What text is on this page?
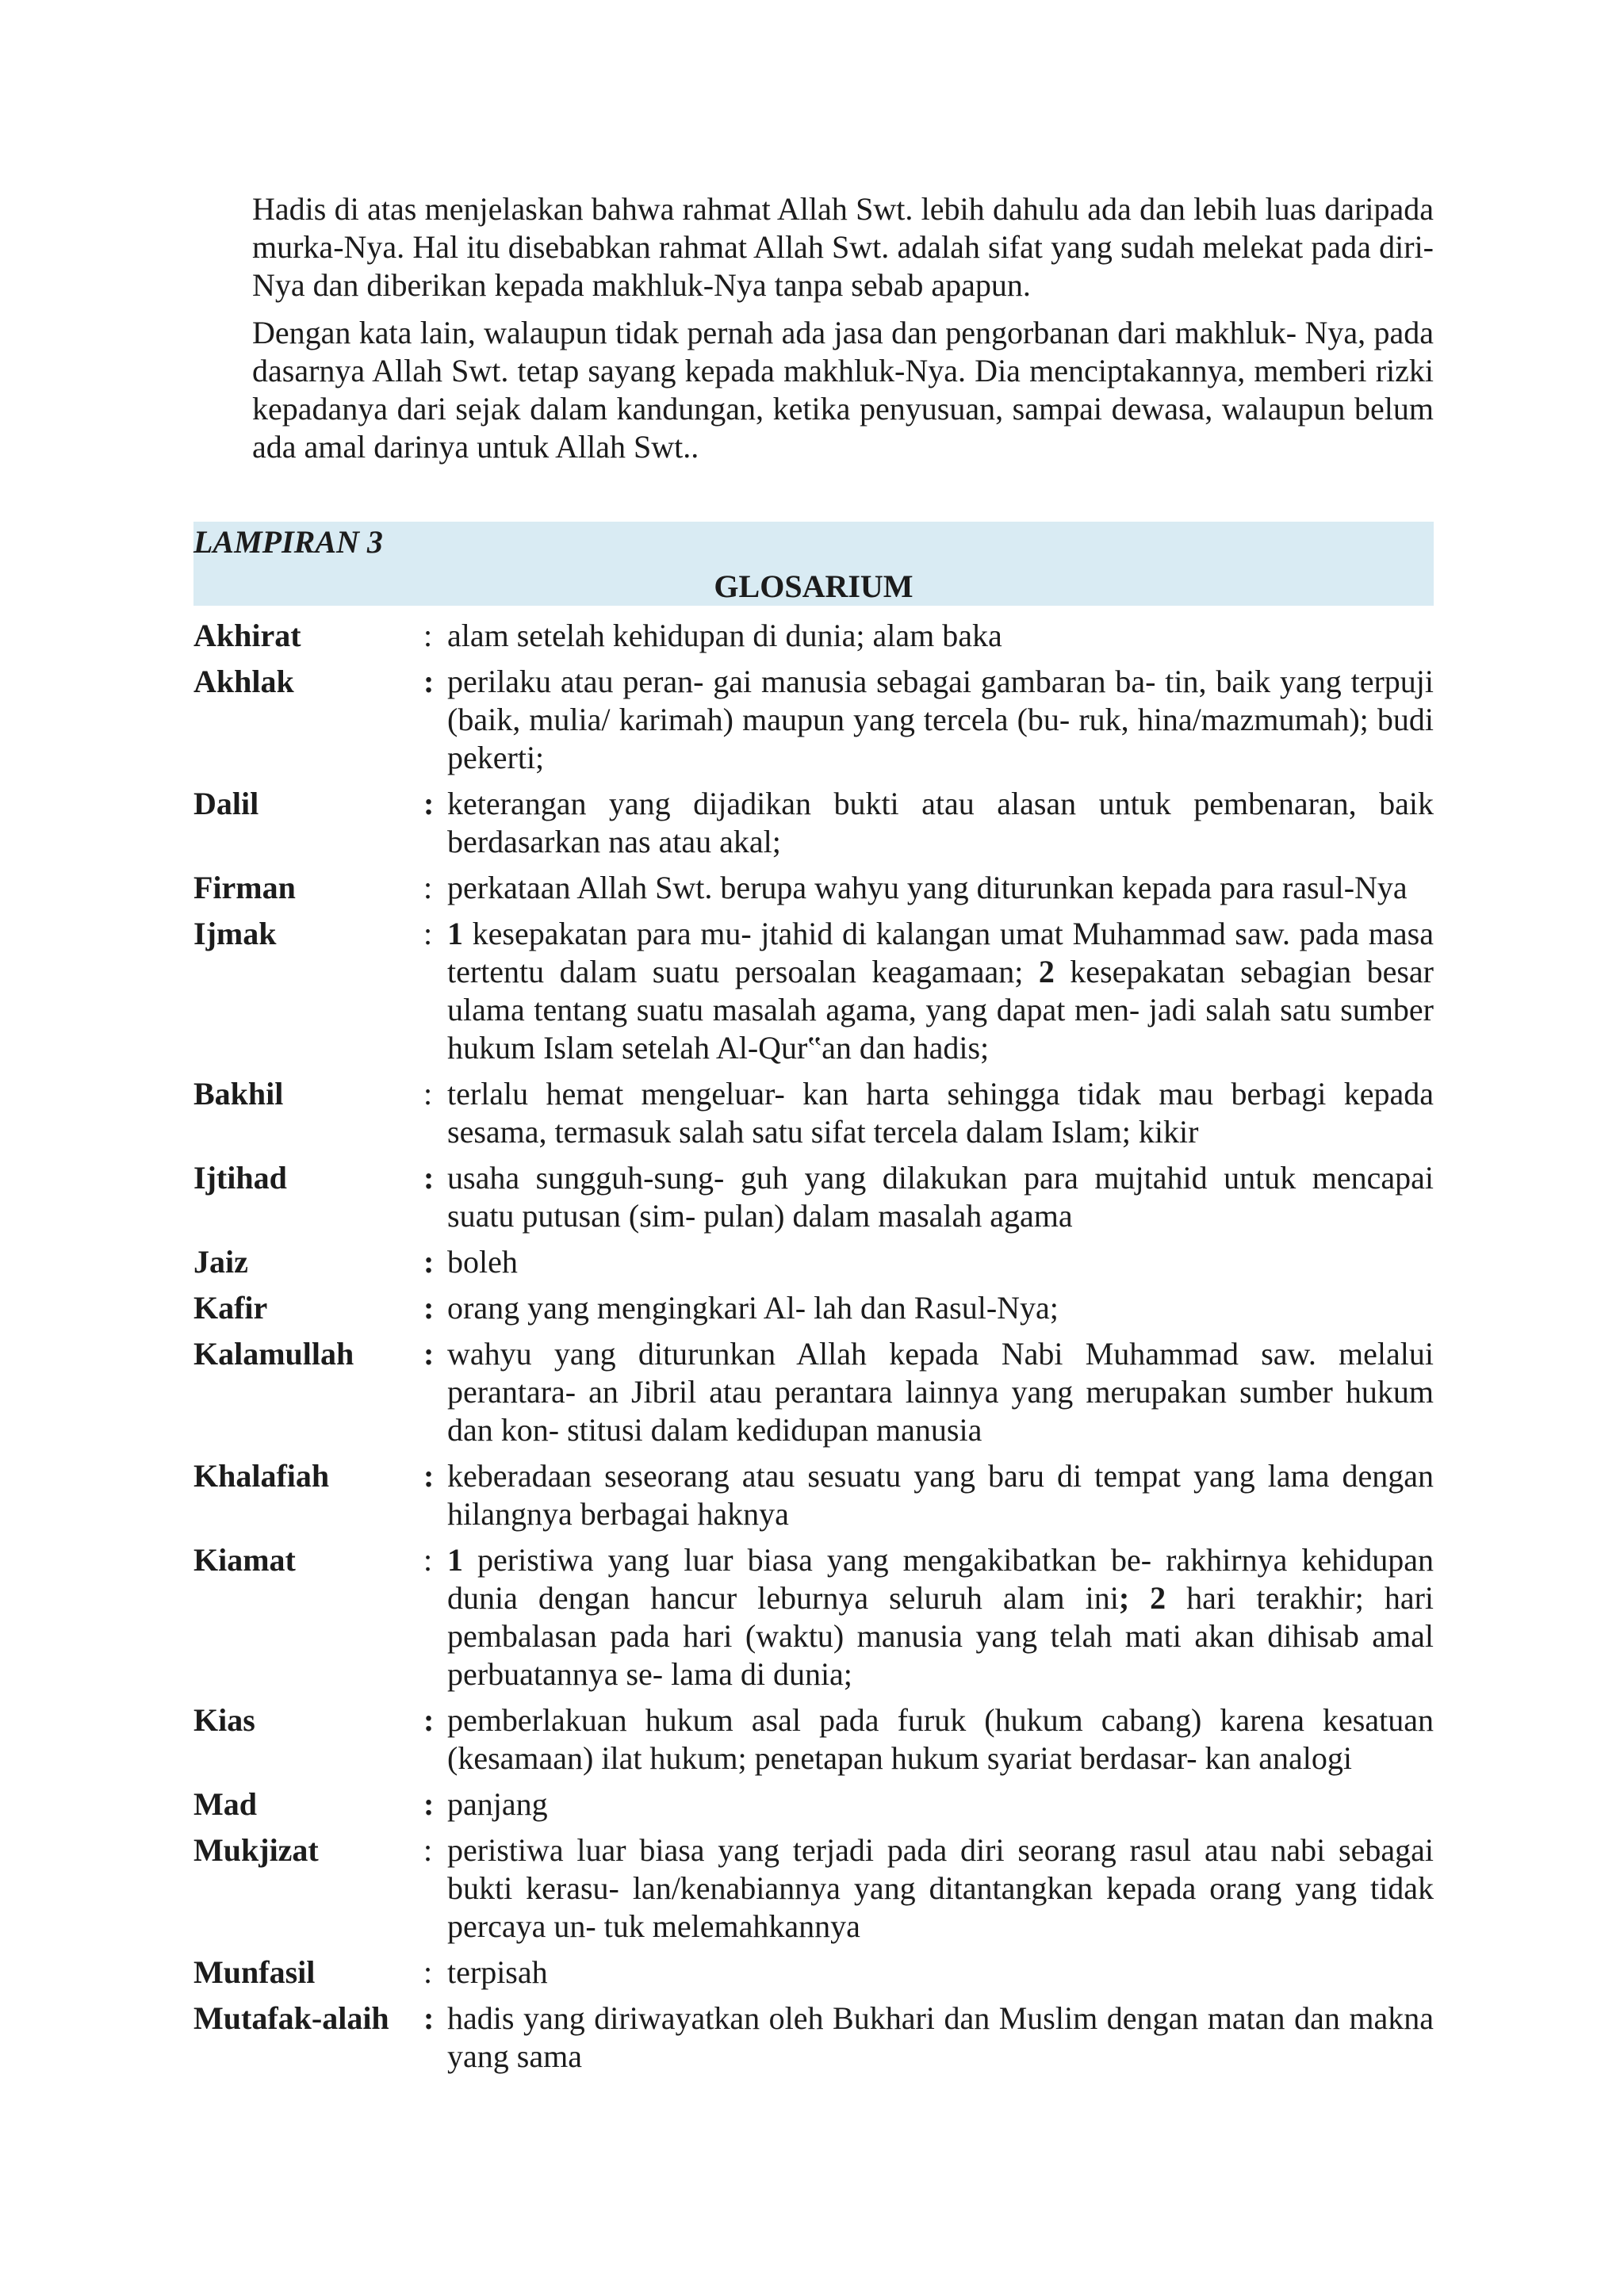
Hadis di atas menjelaskan bahwa rahmat Allah Swt. lebih dahulu ada dan lebih luas daripada murka-Nya. Hal itu disebabkan rahmat Allah Swt. adalah sifat yang sudah melekat pada diri-Nya dan diberikan kepada makhluk-Nya tanpa sebab apapun.

Dengan kata lain, walaupun tidak pernah ada jasa dan pengorbanan dari makhluk- Nya, pada dasarnya Allah Swt. tetap sayang kepada makhluk-Nya. Dia menciptakannya, memberi rizki kepadanya dari sejak dalam kandungan, ketika penyusuan, sampai dewasa, walaupun belum ada amal darinya untuk Allah Swt..

LAMPIRAN 3
GLOSARIUM
Akhirat	: alam setelah kehidupan di dunia; alam baka
Akhlak	: perilaku atau peran- gai manusia sebagai gambaran ba- tin, baik yang terpuji (baik, mulia/ karimah) maupun yang tercela (bu- ruk, hina/mazmumah); budi pekerti;
Dalil	: keterangan yang dijadikan bukti atau alasan untuk pembenaran, baik berdasarkan nas atau akal;
Firman	: perkataan Allah Swt. berupa wahyu yang diturunkan kepada para rasul-Nya
Ijmak	: 1 kesepakatan para mu- jtahid di kalangan umat Muhammad saw. pada masa tertentu dalam suatu persoalan keagamaan; 2 kesepakatan sebagian besar ulama tentang suatu masalah agama, yang dapat men- jadi salah satu sumber hukum Islam setelah Al-Qur‟an dan hadis;
Bakhil	: terlalu hemat mengeluar- kan harta sehingga tidak mau berbagi kepada sesama, termasuk salah satu sifat tercela dalam Islam; kikir
Ijtihad	: usaha sungguh-sung- guh yang dilakukan para mujtahid untuk mencapai suatu putusan (sim- pulan) dalam masalah agama
Jaiz	: boleh
Kafir	: orang yang mengingkari Al- lah dan Rasul-Nya;
Kalamullah	: wahyu yang diturunkan Allah kepada Nabi Muhammad saw. melalui perantara- an Jibril atau perantara lainnya yang merupakan sumber hukum dan kon- stitusi dalam kedidupan manusia
Khalafiah	: keberadaan seseorang atau sesuatu yang baru di tempat yang lama dengan hilangnya berbagai haknya
Kiamat	: 1 peristiwa yang luar biasa yang mengakibatkan be- rakhirnya kehidupan dunia dengan hancur leburnya seluruh alam ini; 2 hari terakhir; hari pembalasan pada hari (waktu) manusia yang telah mati akan dihisab amal perbuatannya se- lama di dunia;
Kias	: pemberlakuan hukum asal pada furuk (hukum cabang) karena kesatuan (kesamaan) ilat hukum; penetapan hukum syariat berdasar- kan analogi
Mad	: panjang
Mukjizat	: peristiwa luar biasa yang terjadi pada diri seorang rasul atau nabi sebagai bukti kerasu- lan/kenabiannya yang ditantangkan kepada orang yang tidak percaya un- tuk melemahkannya
Munfasil	: terpisah
Mutafak-alaih	: hadis yang diriwayatkan oleh Bukhari dan Muslim dengan matan dan makna yang sama
